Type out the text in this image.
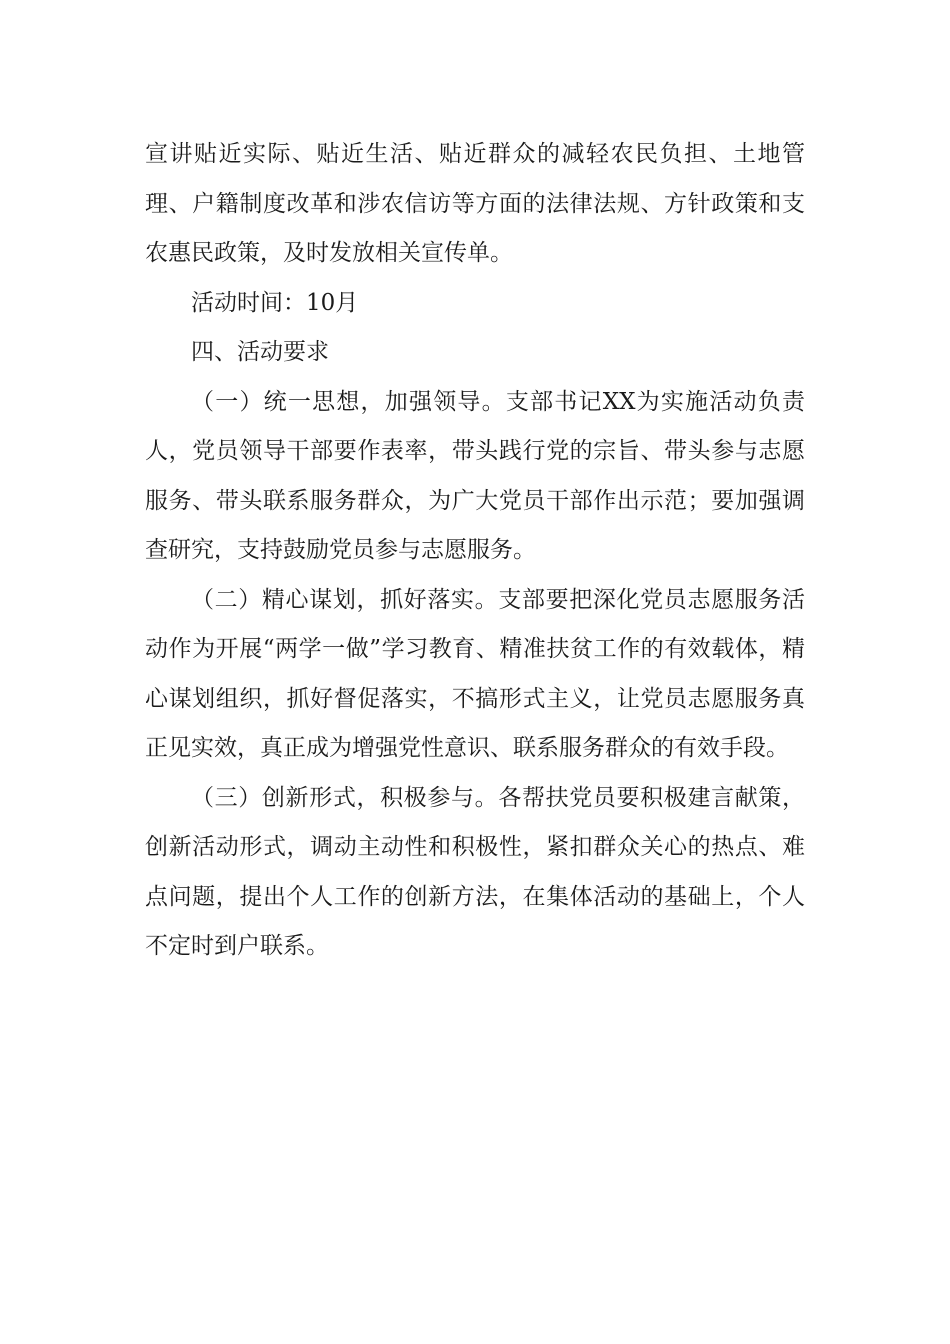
宣讲贴近实际、贴近生活、贴近群众的减轻农民负担、土地管理、户籍制度改革和涉农信访等方面的法律法规、方针政策和支农惠民政策，及时发放相关宣传单。

活动时间：10月

四、活动要求

（一）统一思想，加强领导。支部书记XX为实施活动负责人，党员领导干部要作表率，带头践行党的宗旨、带头参与志愿服务、带头联系服务群众，为广大党员干部作出示范；要加强调查研究，支持鼓励党员参与志愿服务。

（二）精心谋划，抓好落实。支部要把深化党员志愿服务活动作为开展“两学一做”学习教育、精准扶贫工作的有效载体，精心谋划组织，抓好督促落实，不搞形式主义，让党员志愿服务真正见实效，真正成为增强党性意识、联系服务群众的有效手段。

（三）创新形式，积极参与。各帮扶党员要积极建言献策，创新活动形式，调动主动性和积极性，紧扣群众关心的热点、难点问题，提出个人工作的创新方法，在集体活动的基础上，个人不定时到户联系。
